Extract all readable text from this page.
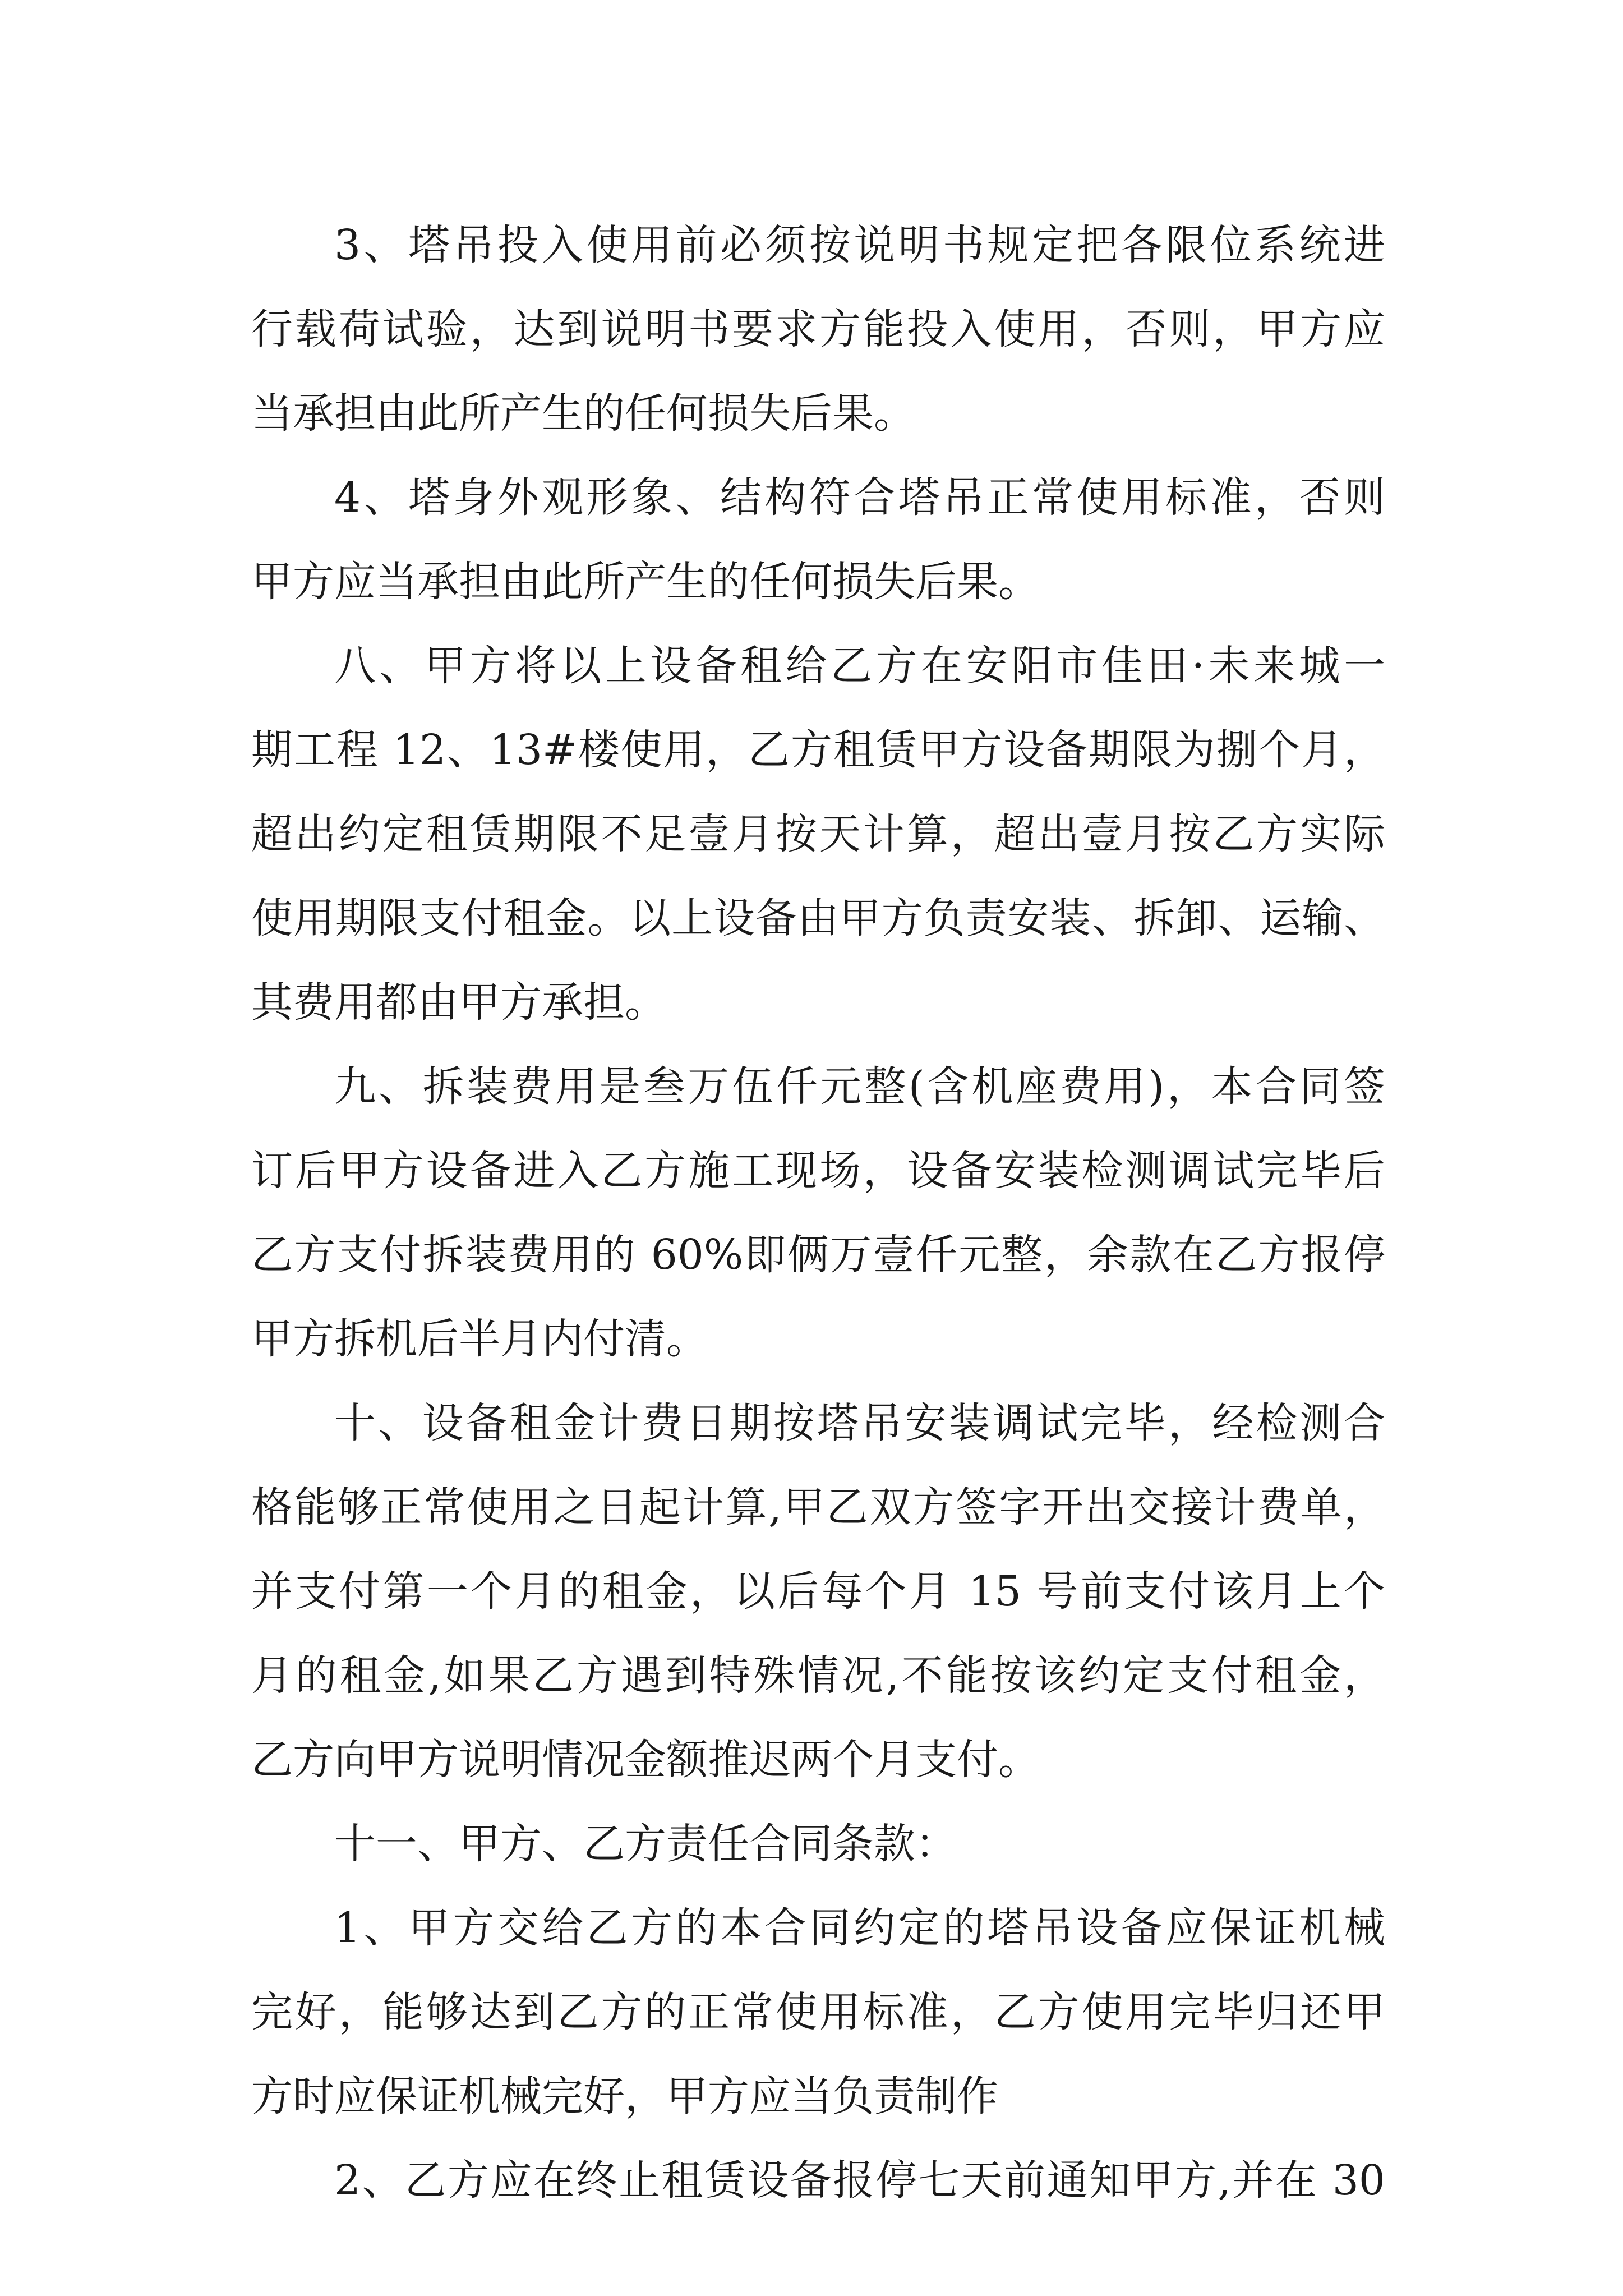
3、塔吊投入使用前必须按说明书规定把各限位系统进
行载荷试验，达到说明书要求方能投入使用，否则，甲方应
当承担由此所产生的任何损失后果。
4、塔身外观形象、结构符合塔吊正常使用标准，否则
甲方应当承担由此所产生的任何损失后果。
八、甲方将以上设备租给乙方在安阳市佳田·未来城一
期工程 12、13#楼使用，乙方租赁甲方设备期限为捌个月，
超出约定租赁期限不足壹月按天计算，超出壹月按乙方实际
使用期限支付租金。以上设备由甲方负责安装、拆卸、运输、
其费用都由甲方承担。
九、拆装费用是叁万伍仟元整(含机座费用)，本合同签
订后甲方设备进入乙方施工现场，设备安装检测调试完毕后
乙方支付拆装费用的 60%即俩万壹仟元整，余款在乙方报停
甲方拆机后半月内付清。
十、设备租金计费日期按塔吊安装调试完毕，经检测合
格能够正常使用之日起计算,甲乙双方签字开出交接计费单，
并支付第一个月的租金，以后每个月 15 号前支付该月上个
月的租金,如果乙方遇到特殊情况,不能按该约定支付租金，
乙方向甲方说明情况金额推迟两个月支付。
十一、甲方、乙方责任合同条款：
1、甲方交给乙方的本合同约定的塔吊设备应保证机械
完好，能够达到乙方的正常使用标准，乙方使用完毕归还甲
方时应保证机械完好，甲方应当负责制作
2、乙方应在终止租赁设备报停七天前通知甲方,并在 30
